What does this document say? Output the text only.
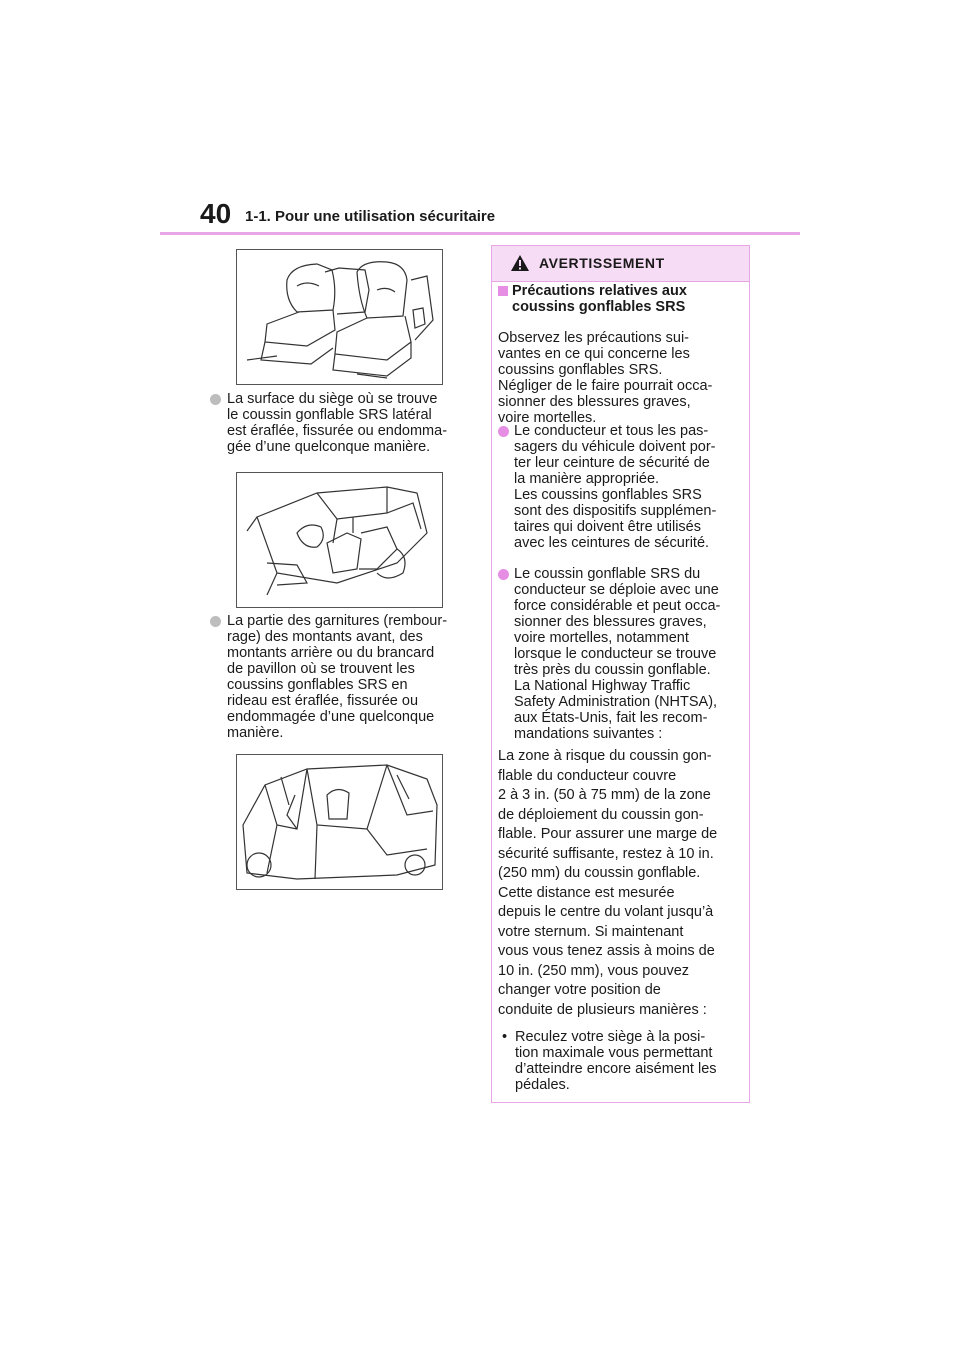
40 1-1. Pour une utilisation sécuritaire
La surface du siège où se trouve
le coussin gonflable SRS latéral
est éraflée, fissurée ou endomma-
gée d’une quelconque manière.
La partie des garnitures (rembour-
rage) des montants avant, des
montants arrière ou du brancard
de pavillon où se trouvent les
coussins gonflables SRS en
rideau est éraflée, fissurée ou
endommagée d’une quelconque
manière.
AVERTISSEMENT
Précautions relatives aux
coussins gonflables SRS
Observez les précautions sui-
vantes en ce qui concerne les
coussins gonflables SRS.
Négliger de le faire pourrait occa-
sionner des blessures graves,
voire mortelles.
Le conducteur et tous les pas-
sagers du véhicule doivent por-
ter leur ceinture de sécurité de
la manière appropriée.
Les coussins gonflables SRS
sont des dispositifs supplémen-
taires qui doivent être utilisés
avec les ceintures de sécurité.
Le coussin gonflable SRS du
conducteur se déploie avec une
force considérable et peut occa-
sionner des blessures graves,
voire mortelles, notamment
lorsque le conducteur se trouve
très près du coussin gonflable.
La National Highway Traffic
Safety Administration (NHTSA),
aux États-Unis, fait les recom-
mandations suivantes :
La zone à risque du coussin gon-
flable du conducteur couvre
2 à 3 in. (50 à 75 mm) de la zone
de déploiement du coussin gon-
flable. Pour assurer une marge de
sécurité suffisante, restez à 10 in.
(250 mm) du coussin gonflable.
Cette distance est mesurée
depuis le centre du volant jusqu’à
votre sternum. Si maintenant
vous vous tenez assis à moins de
10 in. (250 mm), vous pouvez
changer votre position de
conduite de plusieurs manières :
• Reculez votre siège à la posi-
tion maximale vous permettant
d’atteindre encore aisément les
pédales.
